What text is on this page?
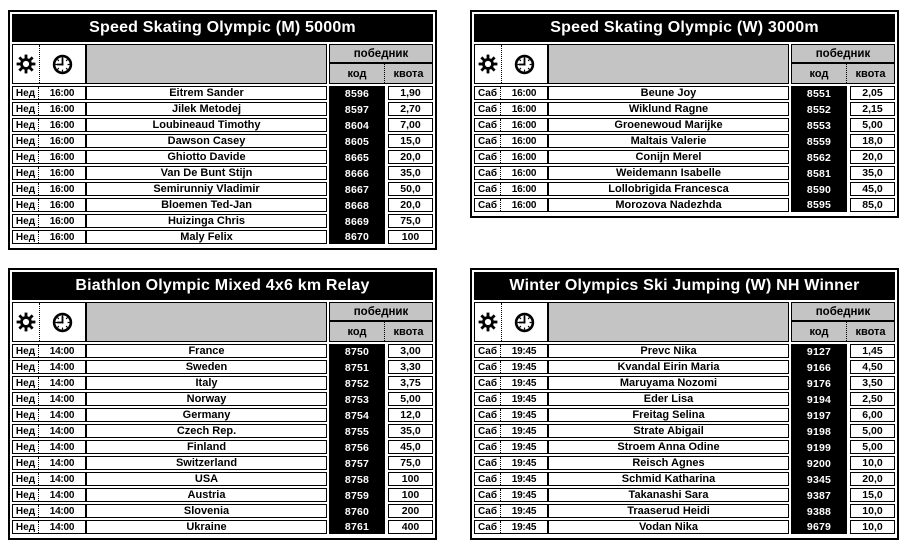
Speed Skating Olympic (M) 5000m
победник
код	квота
Нед	16:00	Eitrem Sander	8596	1,90
Нед	16:00	Jilek Metodej	8597	2,70
Нед	16:00	Loubineaud Timothy	8604	7,00
Нед	16:00	Dawson Casey	8605	15,0
Нед	16:00	Ghiotto Davide	8665	20,0
Нед	16:00	Van De Bunt Stijn	8666	35,0
Нед	16:00	Semirunniy Vladimir	8667	50,0
Нед	16:00	Bloemen Ted-Jan	8668	20,0
Нед	16:00	Huizinga Chris	8669	75,0
Нед	16:00	Maly Felix	8670	100
Speed Skating Olympic (W) 3000m
победник
код	квота
Саб	16:00	Beune Joy	8551	2,05
Саб	16:00	Wiklund Ragne	8552	2,15
Саб	16:00	Groenewoud Marijke	8553	5,00
Саб	16:00	Maltais Valerie	8559	18,0
Саб	16:00	Conijn Merel	8562	20,0
Саб	16:00	Weidemann Isabelle	8581	35,0
Саб	16:00	Lollobrigida Francesca	8590	45,0
Саб	16:00	Morozova Nadezhda	8595	85,0
Biathlon Olympic Mixed 4x6 km Relay
победник
код	квота
Нед	14:00	France	8750	3,00
Нед	14:00	Sweden	8751	3,30
Нед	14:00	Italy	8752	3,75
Нед	14:00	Norway	8753	5,00
Нед	14:00	Germany	8754	12,0
Нед	14:00	Czech Rep.	8755	35,0
Нед	14:00	Finland	8756	45,0
Нед	14:00	Switzerland	8757	75,0
Нед	14:00	USA	8758	100
Нед	14:00	Austria	8759	100
Нед	14:00	Slovenia	8760	200
Нед	14:00	Ukraine	8761	400
Winter Olympics Ski Jumping (W) NH Winner
победник
код	квота
Саб	19:45	Prevc Nika	9127	1,45
Саб	19:45	Kvandal Eirin Maria	9166	4,50
Саб	19:45	Maruyama Nozomi	9176	3,50
Саб	19:45	Eder Lisa	9194	2,50
Саб	19:45	Freitag Selina	9197	6,00
Саб	19:45	Strate Abigail	9198	5,00
Саб	19:45	Stroem Anna Odine	9199	5,00
Саб	19:45	Reisch Agnes	9200	10,0
Саб	19:45	Schmid Katharina	9345	20,0
Саб	19:45	Takanashi Sara	9387	15,0
Саб	19:45	Traaserud Heidi	9388	10,0
Саб	19:45	Vodan Nika	9679	10,0
